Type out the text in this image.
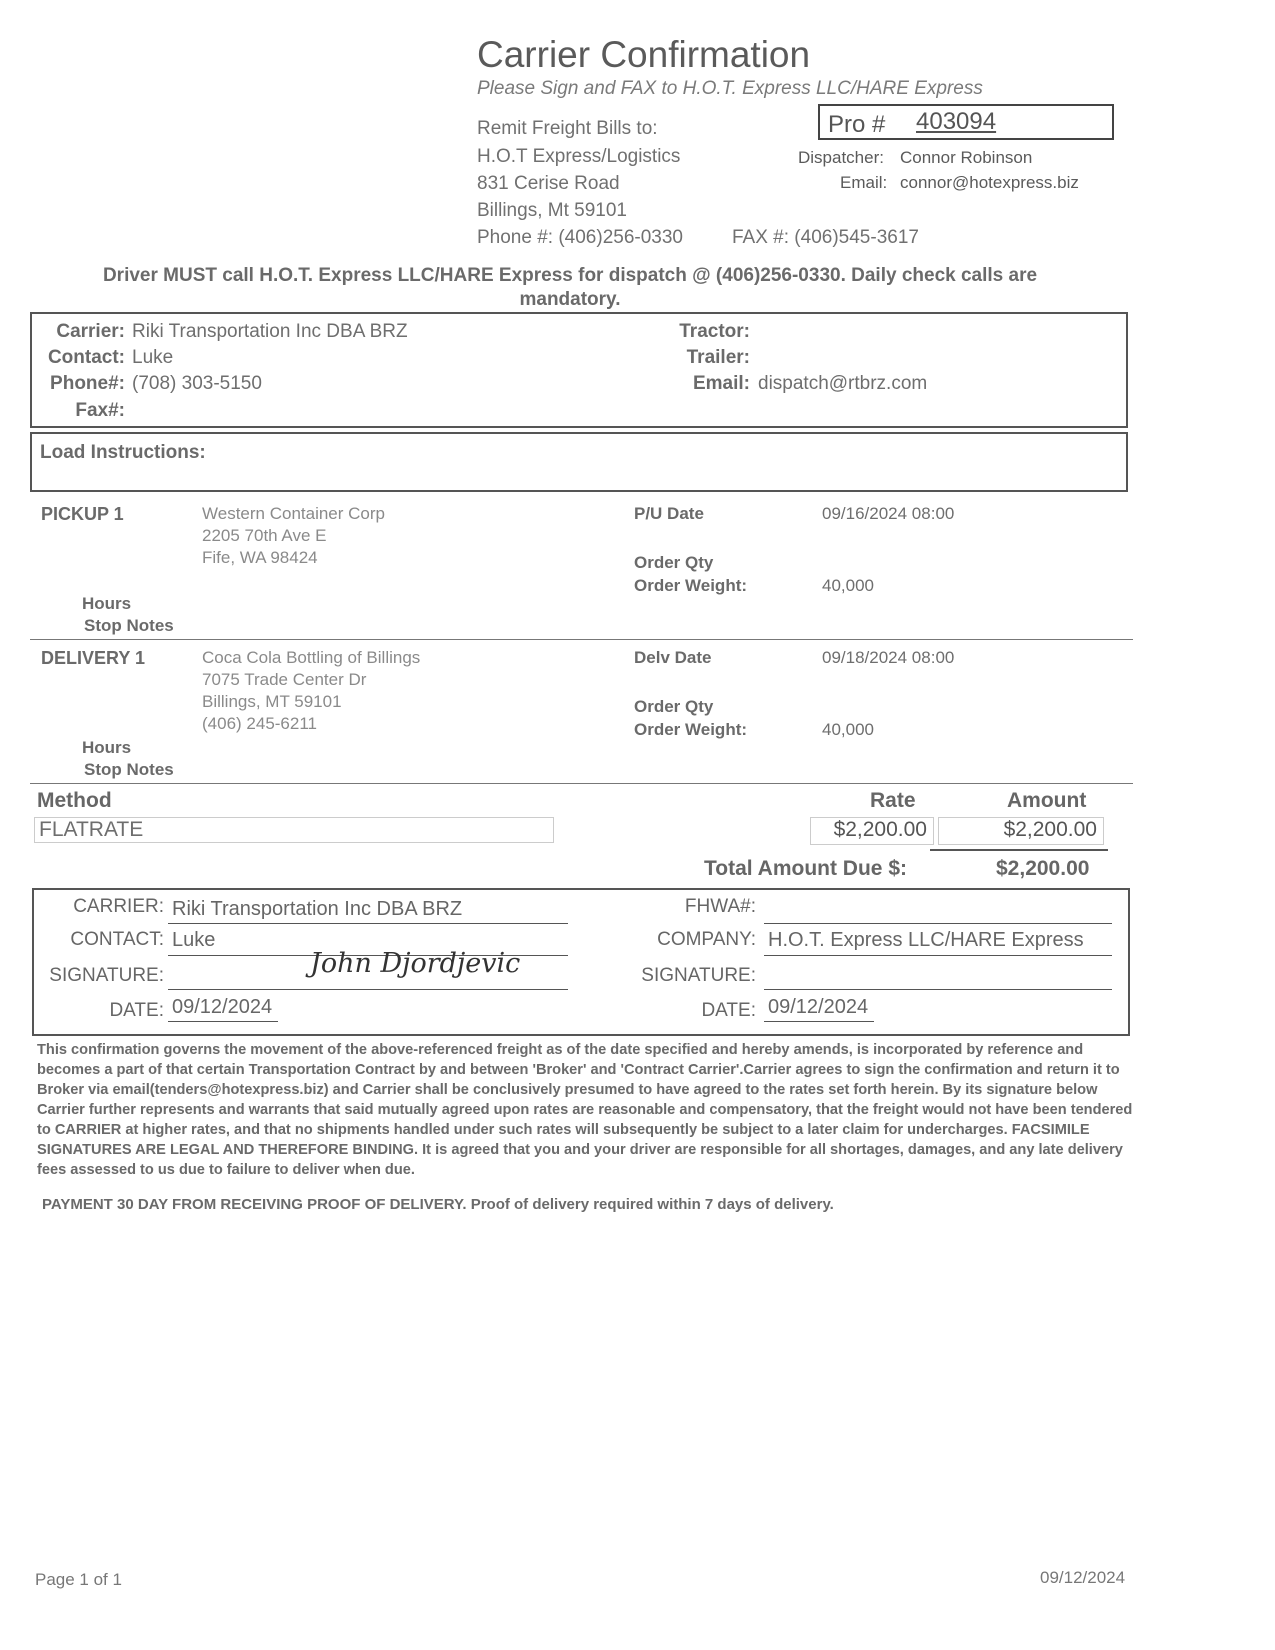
Carrier Confirmation
Please Sign and FAX to H.O.T. Express LLC/HARE Express
Remit Freight Bills to:
H.O.T Express/Logistics
831 Cerise Road
Billings, Mt 59101
Phone #: (406)256-0330	FAX #: (406)545-3617
Pro # 403094
Dispatcher: Connor Robinson
Email: connor@hotexpress.biz
Driver MUST call H.O.T. Express LLC/HARE Express for dispatch @ (406)256-0330. Daily check calls are mandatory.
Carrier: Riki Transportation Inc DBA BRZ
Contact: Luke
Phone#: (708) 303-5150
Fax#:
Tractor:
Trailer:
Email: dispatch@rtbrz.com
Load Instructions:
PICKUP 1	Western Container Corp
2205 70th Ave E
Fife, WA 98424
P/U Date	09/16/2024 08:00
Order Qty
Order Weight:	40,000
Hours
Stop Notes
DELIVERY 1	Coca Cola Bottling of Billings
7075 Trade Center Dr
Billings, MT 59101
(406) 245-6211
Delv Date	09/18/2024 08:00
Order Qty
Order Weight:	40,000
Hours
Stop Notes
Method	Rate	Amount
FLATRATE	$2,200.00	$2,200.00
Total Amount Due $:	$2,200.00
CARRIER: Riki Transportation Inc DBA BRZ
CONTACT: Luke
SIGNATURE:	John Djordjevic
DATE: 09/12/2024
FHWA#:
COMPANY: H.O.T. Express LLC/HARE Express
SIGNATURE:
DATE: 09/12/2024
This confirmation governs the movement of the above-referenced freight as of the date specified and hereby amends, is incorporated by reference and becomes a part of that certain Transportation Contract by and between 'Broker' and 'Contract Carrier'.Carrier agrees to sign the confirmation and return it to Broker via email(tenders@hotexpress.biz) and Carrier shall be conclusively presumed to have agreed to the rates set forth herein. By its signature below Carrier further represents and warrants that said mutually agreed upon rates are reasonable and compensatory, that the freight would not have been tendered to CARRIER at higher rates, and that no shipments handled under such rates will subsequently be subject to a later claim for undercharges. FACSIMILE SIGNATURES ARE LEGAL AND THEREFORE BINDING. It is agreed that you and your driver are responsible for all shortages, damages, and any late delivery fees assessed to us due to failure to deliver when due.
PAYMENT 30 DAY FROM RECEIVING PROOF OF DELIVERY. Proof of delivery required within 7 days of delivery.
Page 1 of 1	09/12/2024
